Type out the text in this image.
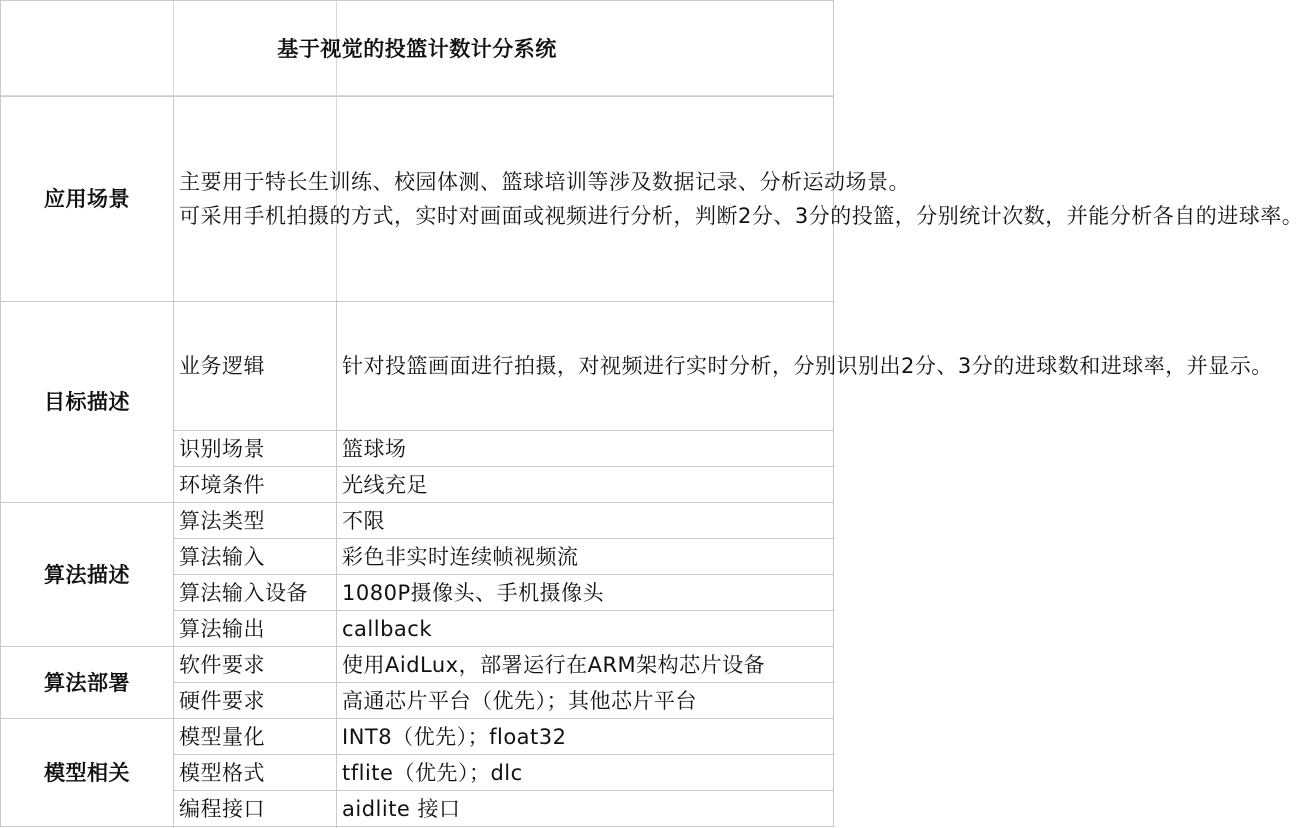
基于视觉的投篮计数计分系统		
应用场景	主要用于特长生训练、校园体测、篮球培训等涉及数据记录、分析运动场景。
可采用手机拍摄的方式，实时对画面或视频进行分析，判断2分、3分的投篮，分别统计次数，并能分析各自的进球率。	

目标描述	业务逻辑	针对投篮画面进行拍摄，对视频进行实时分析，分别识别出2分、3分的进球数和进球率，并显示。
	识别场景	篮球场
	环境条件	光线充足
算法描述	算法类型	不限
	算法输入	彩色非实时连续帧视频流
	算法输入设备	1080P摄像头、手机摄像头
	算法输出	callback
算法部署	软件要求	使用AidLux，部署运行在ARM架构芯片设备
	硬件要求	高通芯片平台（优先）；其他芯片平台
模型相关	模型量化	INT8（优先）；float32
	模型格式	tflite（优先）；dlc
	编程接口	aidlite 接口
